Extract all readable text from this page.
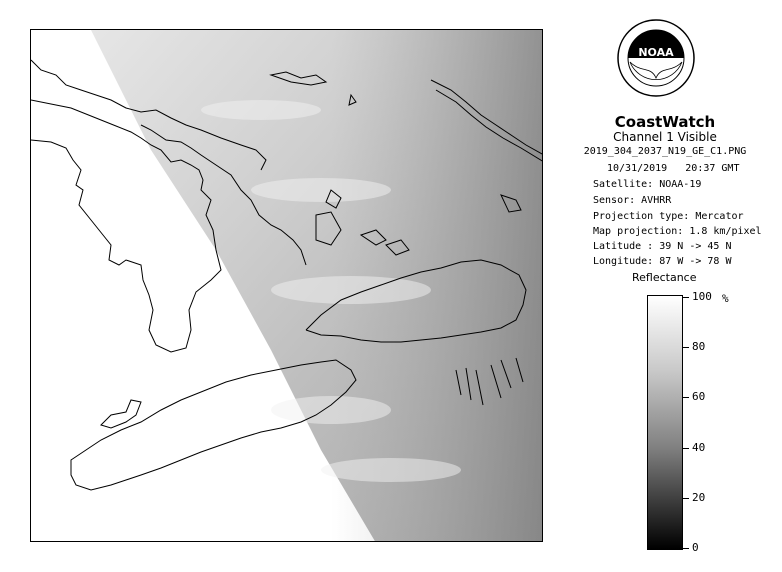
NOAA
CoastWatch
Channel 1 Visible
2019_304_2037_N19_GE_C1.PNG
10/31/2019 20:37 GMT
Satellite: NOAA-19
Sensor: AVHRR
Projection type: Mercator
Map projection: 1.8 km/pixel
Latitude : 39 N -> 45 N
Longitude: 87 W -> 78 W
Reflectance
%
100
80
60
40
20
0
